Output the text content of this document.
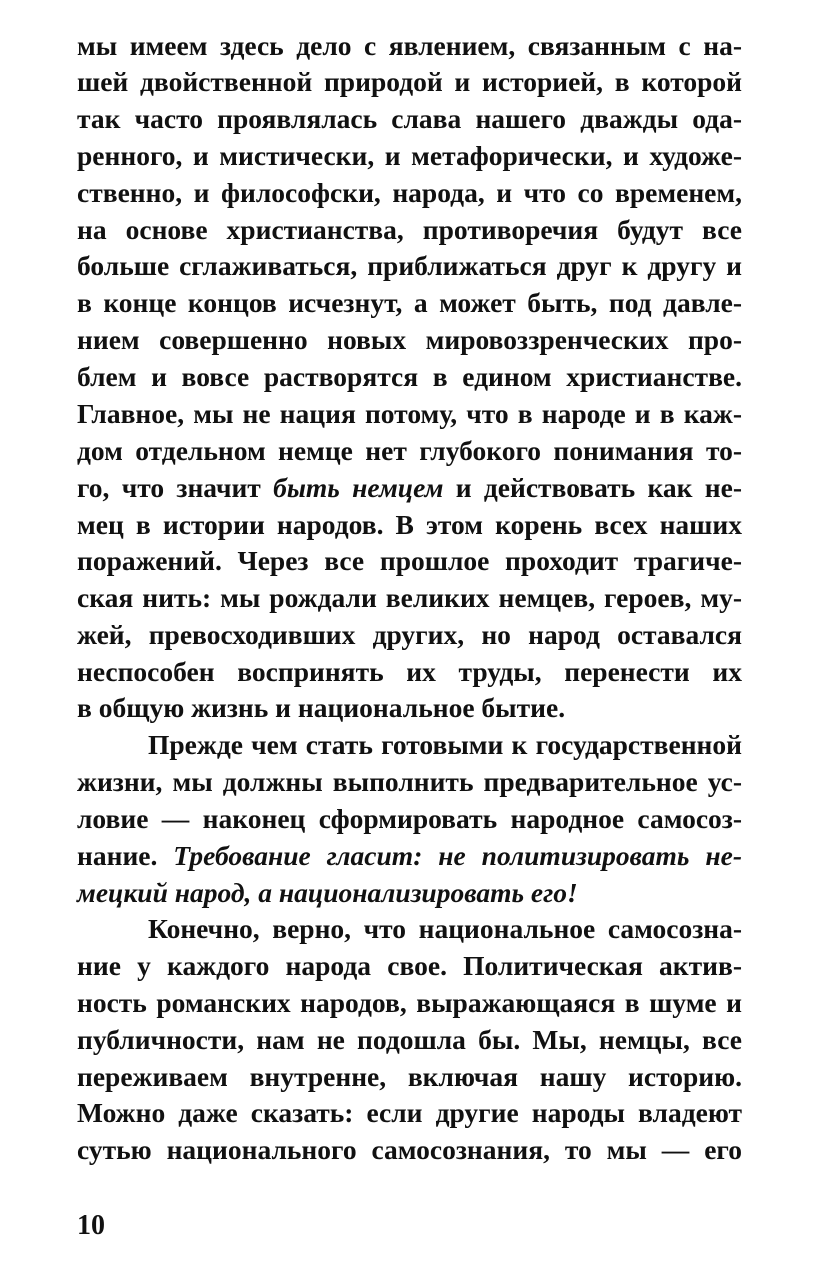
мы имеем здесь дело с явлением, связанным с на-
шей двойственной природой и историей, в которой
так часто проявлялась слава нашего дважды ода-
ренного, и мистически, и метафорически, и художе-
ственно, и философски, народа, и что со временем,
на основе христианства, противоречия будут все
больше сглаживаться, приближаться друг к другу и
в конце концов исчезнут, а может быть, под давле-
нием совершенно новых мировоззренческих про-
блем и вовсе растворятся в едином христианстве.
Главное, мы не нация потому, что в народе и в каж-
дом отдельном немце нет глубокого понимания то-
го, что значит быть немцем и действовать как не-
мец в истории народов. В этом корень всех наших
поражений. Через все прошлое проходит трагиче-
ская нить: мы рождали великих немцев, героев, му-
жей, превосходивших других, но народ оставался
неспособен воспринять их труды, перенести их
в общую жизнь и национальное бытие.
Прежде чем стать готовыми к государственной
жизни, мы должны выполнить предварительное ус-
ловие — наконец сформировать народное самосоз-
нание. Требование гласит: не политизировать не-
мецкий народ, а национализировать его!
Конечно, верно, что национальное самосозна-
ние у каждого народа свое. Политическая актив-
ность романских народов, выражающаяся в шуме и
публичности, нам не подошла бы. Мы, немцы, все
переживаем внутренне, включая нашу историю.
Можно даже сказать: если другие народы владеют
сутью национального самосознания, то мы — его
10
